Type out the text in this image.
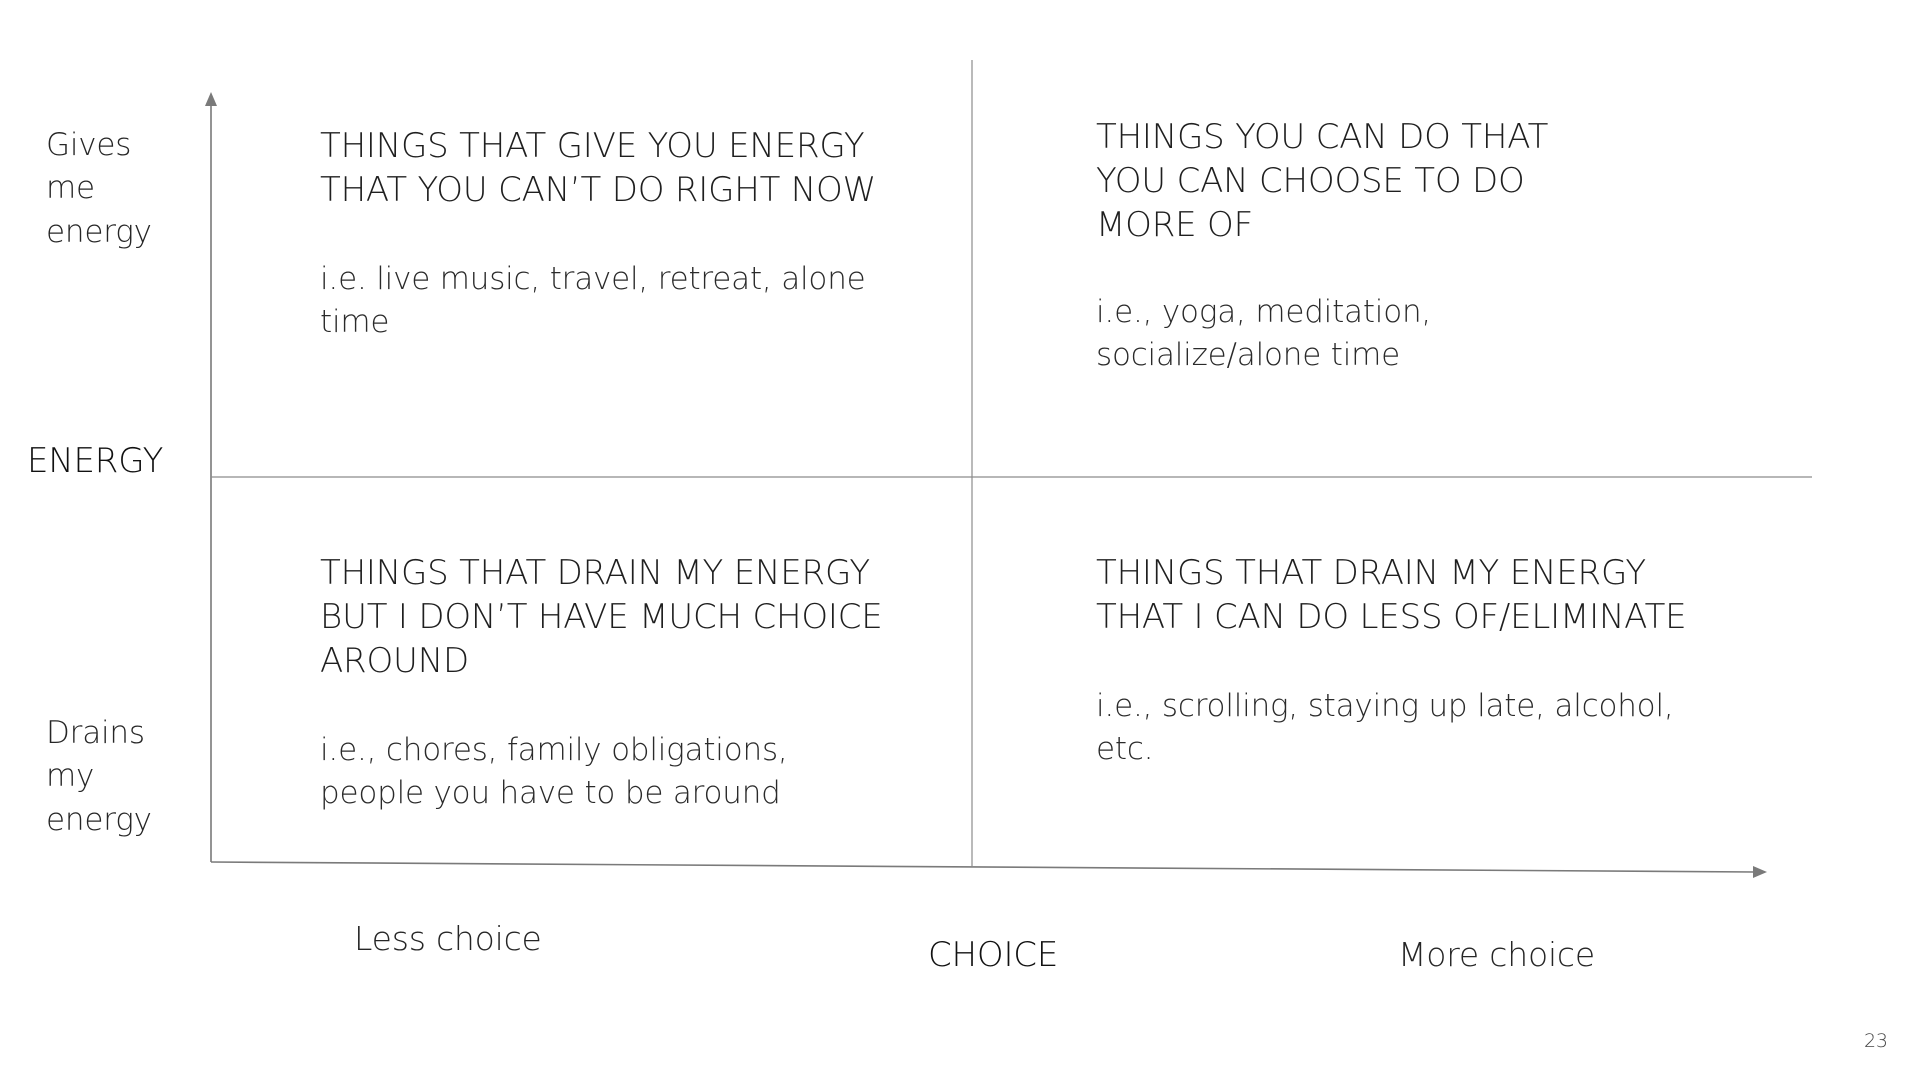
Gives me energy
ENERGY
Drains my energy
THINGS THAT GIVE YOU ENERGY THAT YOU CAN’T DO RIGHT NOW
i.e. live music, travel, retreat, alone time
THINGS YOU CAN DO THAT YOU CAN CHOOSE TO DO MORE OF
i.e., yoga, meditation, socialize/alone time
THINGS THAT DRAIN MY ENERGY BUT I DON’T HAVE MUCH CHOICE AROUND
i.e., chores, family obligations, people you have to be around
THINGS THAT DRAIN MY ENERGY THAT I CAN DO LESS OF/ELIMINATE
i.e., scrolling, staying up late, alcohol, etc.
Less choice	CHOICE	More choice
23
